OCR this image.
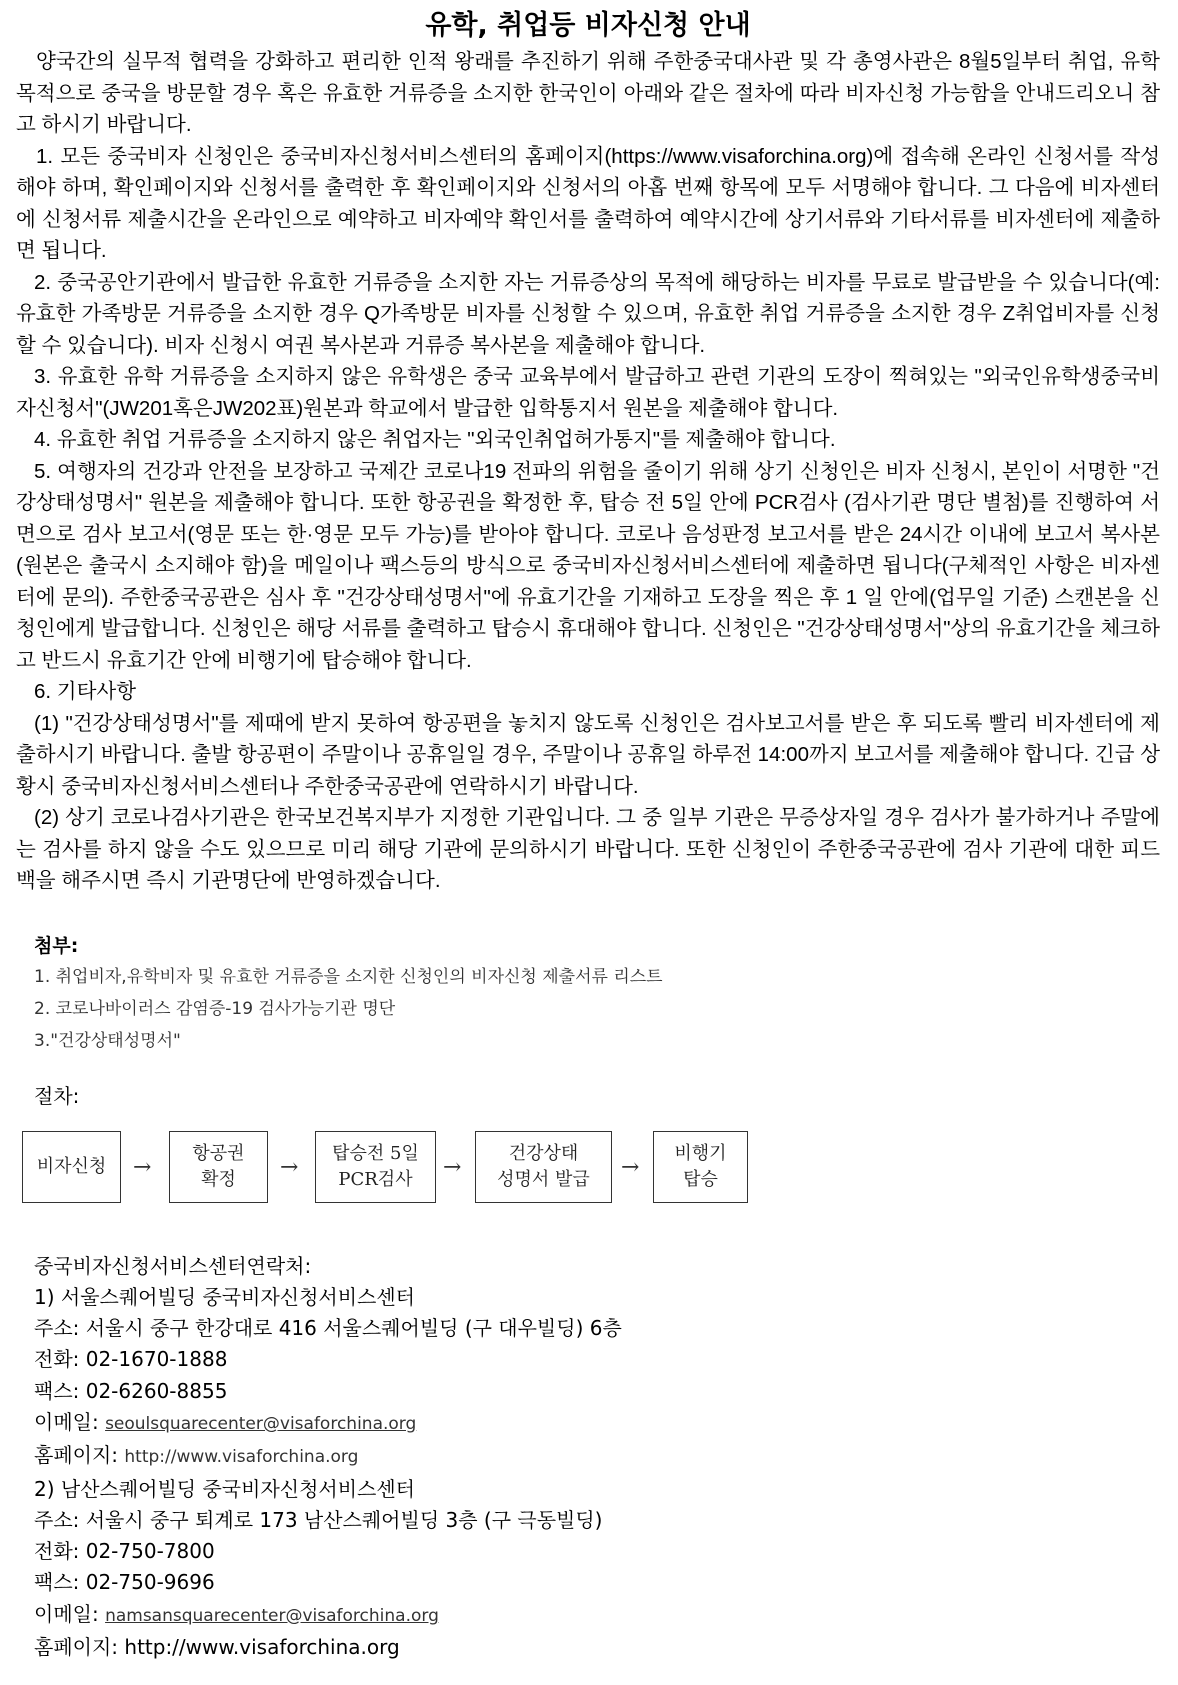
유학, 취업등 비자신청 안내

양국간의 실무적 협력을 강화하고 편리한 인적 왕래를 추진하기 위해 주한중국대사관 및 각 총영사관은 8월5일부터 취업, 유학 목적으로 중국을 방문할 경우 혹은 유효한 거류증을 소지한 한국인이 아래와 같은 절차에 따라 비자신청 가능함을 안내드리오니 참고 하시기 바랍니다.

1. 모든 중국비자 신청인은 중국비자신청서비스센터의 홈페이지(https://www.visaforchina.org)에 접속해 온라인 신청서를 작성해야 하며, 확인페이지와 신청서를 출력한 후 확인페이지와 신청서의 아홉 번째 항목에 모두 서명해야 합니다. 그 다음에 비자센터에 신청서류 제출시간을 온라인으로 예약하고 비자예약 확인서를 출력하여 예약시간에 상기서류와 기타서류를 비자센터에 제출하면 됩니다.

2. 중국공안기관에서 발급한 유효한 거류증을 소지한 자는 거류증상의 목적에 해당하는 비자를 무료로 발급받을 수 있습니다(예: 유효한 가족방문 거류증을 소지한 경우 Q가족방문 비자를 신청할 수 있으며, 유효한 취업 거류증을 소지한 경우 Z취업비자를 신청할 수 있습니다). 비자 신청시 여권 복사본과 거류증 복사본을 제출해야 합니다.

3. 유효한 유학 거류증을 소지하지 않은 유학생은 중국 교육부에서 발급하고 관련 기관의 도장이 찍혀있는 "외국인유학생중국비자신청서"(JW201혹은JW202표)원본과 학교에서 발급한 입학통지서 원본을 제출해야 합니다.

4. 유효한 취업 거류증을 소지하지 않은 취업자는 "외국인취업허가통지"를 제출해야 합니다.

5. 여행자의 건강과 안전을 보장하고 국제간 코로나19 전파의 위험을 줄이기 위해 상기 신청인은 비자 신청시, 본인이 서명한 "건강상태성명서" 원본을 제출해야 합니다. 또한 항공권을 확정한 후, 탑승 전 5일 안에 PCR검사 (검사기관 명단 별첨)를 진행하여 서면으로 검사 보고서(영문 또는 한·영문 모두 가능)를 받아야 합니다. 코로나 음성판정 보고서를 받은 24시간 이내에 보고서 복사본 (원본은 출국시 소지해야 함)을 메일이나 팩스등의 방식으로 중국비자신청서비스센터에 제출하면 됩니다(구체적인 사항은 비자센터에 문의). 주한중국공관은 심사 후 "건강상태성명서"에 유효기간을 기재하고 도장을 찍은 후 1 일 안에(업무일 기준) 스캔본을 신청인에게 발급합니다. 신청인은 해당 서류를 출력하고 탑승시 휴대해야 합니다. 신청인은 "건강상태성명서"상의 유효기간을 체크하고 반드시 유효기간 안에 비행기에 탑승해야 합니다.

6. 기타사항

(1) "건강상태성명서"를 제때에 받지 못하여 항공편을 놓치지 않도록 신청인은 검사보고서를 받은 후 되도록 빨리 비자센터에 제출하시기 바랍니다. 출발 항공편이 주말이나 공휴일일 경우, 주말이나 공휴일 하루전 14:00까지 보고서를 제출해야 합니다. 긴급 상황시 중국비자신청서비스센터나 주한중국공관에 연락하시기 바랍니다.

(2) 상기 코로나검사기관은 한국보건복지부가 지정한 기관입니다. 그 중 일부 기관은 무증상자일 경우 검사가 불가하거나 주말에는 검사를 하지 않을 수도 있으므로 미리 해당 기관에 문의하시기 바랍니다. 또한 신청인이 주한중국공관에 검사 기관에 대한 피드백을 해주시면 즉시 기관명단에 반영하겠습니다.

첨부:
1. 취업비자,유학비자 및 유효한 거류증을 소지한 신청인의 비자신청 제출서류 리스트
2. 코로나바이러스 감염증-19 검사가능기관 명단
3."건강상태성명서"
절차:
비자신청	→
항공권
확정	→
탑승전 5일
PCR검사	→
건강상태
성명서 발급	→
비행기
탑승
중국비자신청서비스센터연락처:
1) 서울스퀘어빌딩 중국비자신청서비스센터
주소: 서울시 중구 한강대로 416 서울스퀘어빌딩 (구 대우빌딩) 6층
전화: 02-1670-1888
팩스: 02-6260-8855
이메일: seoulsquarecenter@visaforchina.org
홈페이지: http://www.visaforchina.org
2) 남산스퀘어빌딩 중국비자신청서비스센터
주소: 서울시 중구 퇴계로 173 남산스퀘어빌딩 3층 (구 극동빌딩)
전화: 02-750-7800
팩스: 02-750-9696
이메일: namsansquarecenter@visaforchina.org
홈페이지: http://www.visaforchina.org
